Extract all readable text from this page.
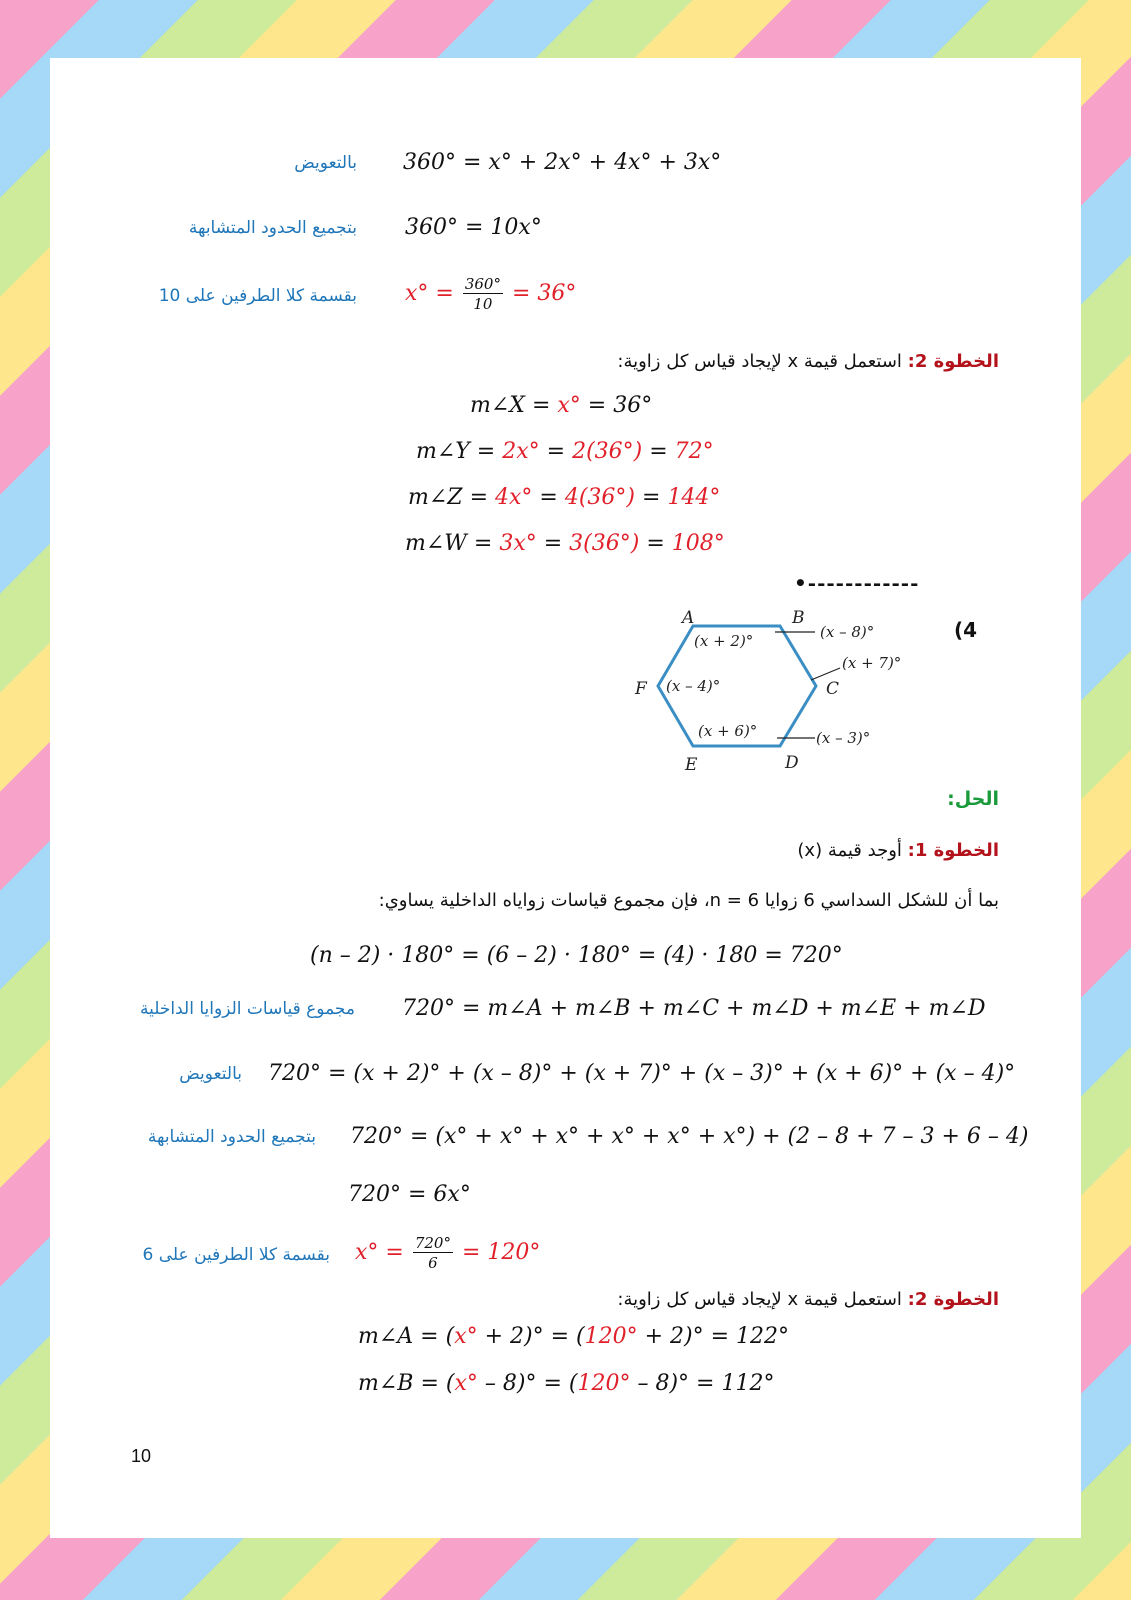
360° = x° + 2x° + 4x° + 3x°
بالتعويض
360° = 10x°
بتجميع الحدود المتشابهة
$x^\circ = \frac{360^\circ}{10} = 36^\circ$
بقسمة كلا الطرفين على 10
الخطوة 2: استعمل قيمة x لإيجاد قياس كل زاوية:
m∠X = x° = 36°
m∠Y = 2x° = 2(36°) = 72°
m∠Z = 4x° = 4(36°) = 144°
m∠W = 3x° = 3(36°) = 108°
•------------
(4
A	B
C
D
E
F
(x + 2)°	(x – 8)°
(x + 7)°
(x – 3)°
(x + 6)°
(x – 4)°
الحل:
الخطوة 1: أوجد قيمة (x)
بما أن للشكل السداسي 6 زوايا n = 6، فإن مجموع قياسات زواياه الداخلية يساوي:
(n – 2) · 180° = (6 – 2) · 180° = (4) · 180 = 720°
720° = m∠A + m∠B + m∠C + m∠D + m∠E + m∠D
مجموع قياسات الزوايا الداخلية
720° = (x + 2)° + (x – 8)° + (x + 7)° + (x – 3)° + (x + 6)° + (x – 4)°
بالتعويض
720° = (x° + x° + x° + x° + x° + x°) + (2 – 8 + 7 – 3 + 6 – 4)
بتجميع الحدود المتشابهة
720° = 6x°
$x^\circ = \frac{720^\circ}{6} = 120^\circ$
بقسمة كلا الطرفين على 6
الخطوة 2: استعمل قيمة x لإيجاد قياس كل زاوية:
m∠A = (x° + 2)° = (120° + 2)° = 122°
m∠B = (x° – 8)° = (120° – 8)° = 112°
10
